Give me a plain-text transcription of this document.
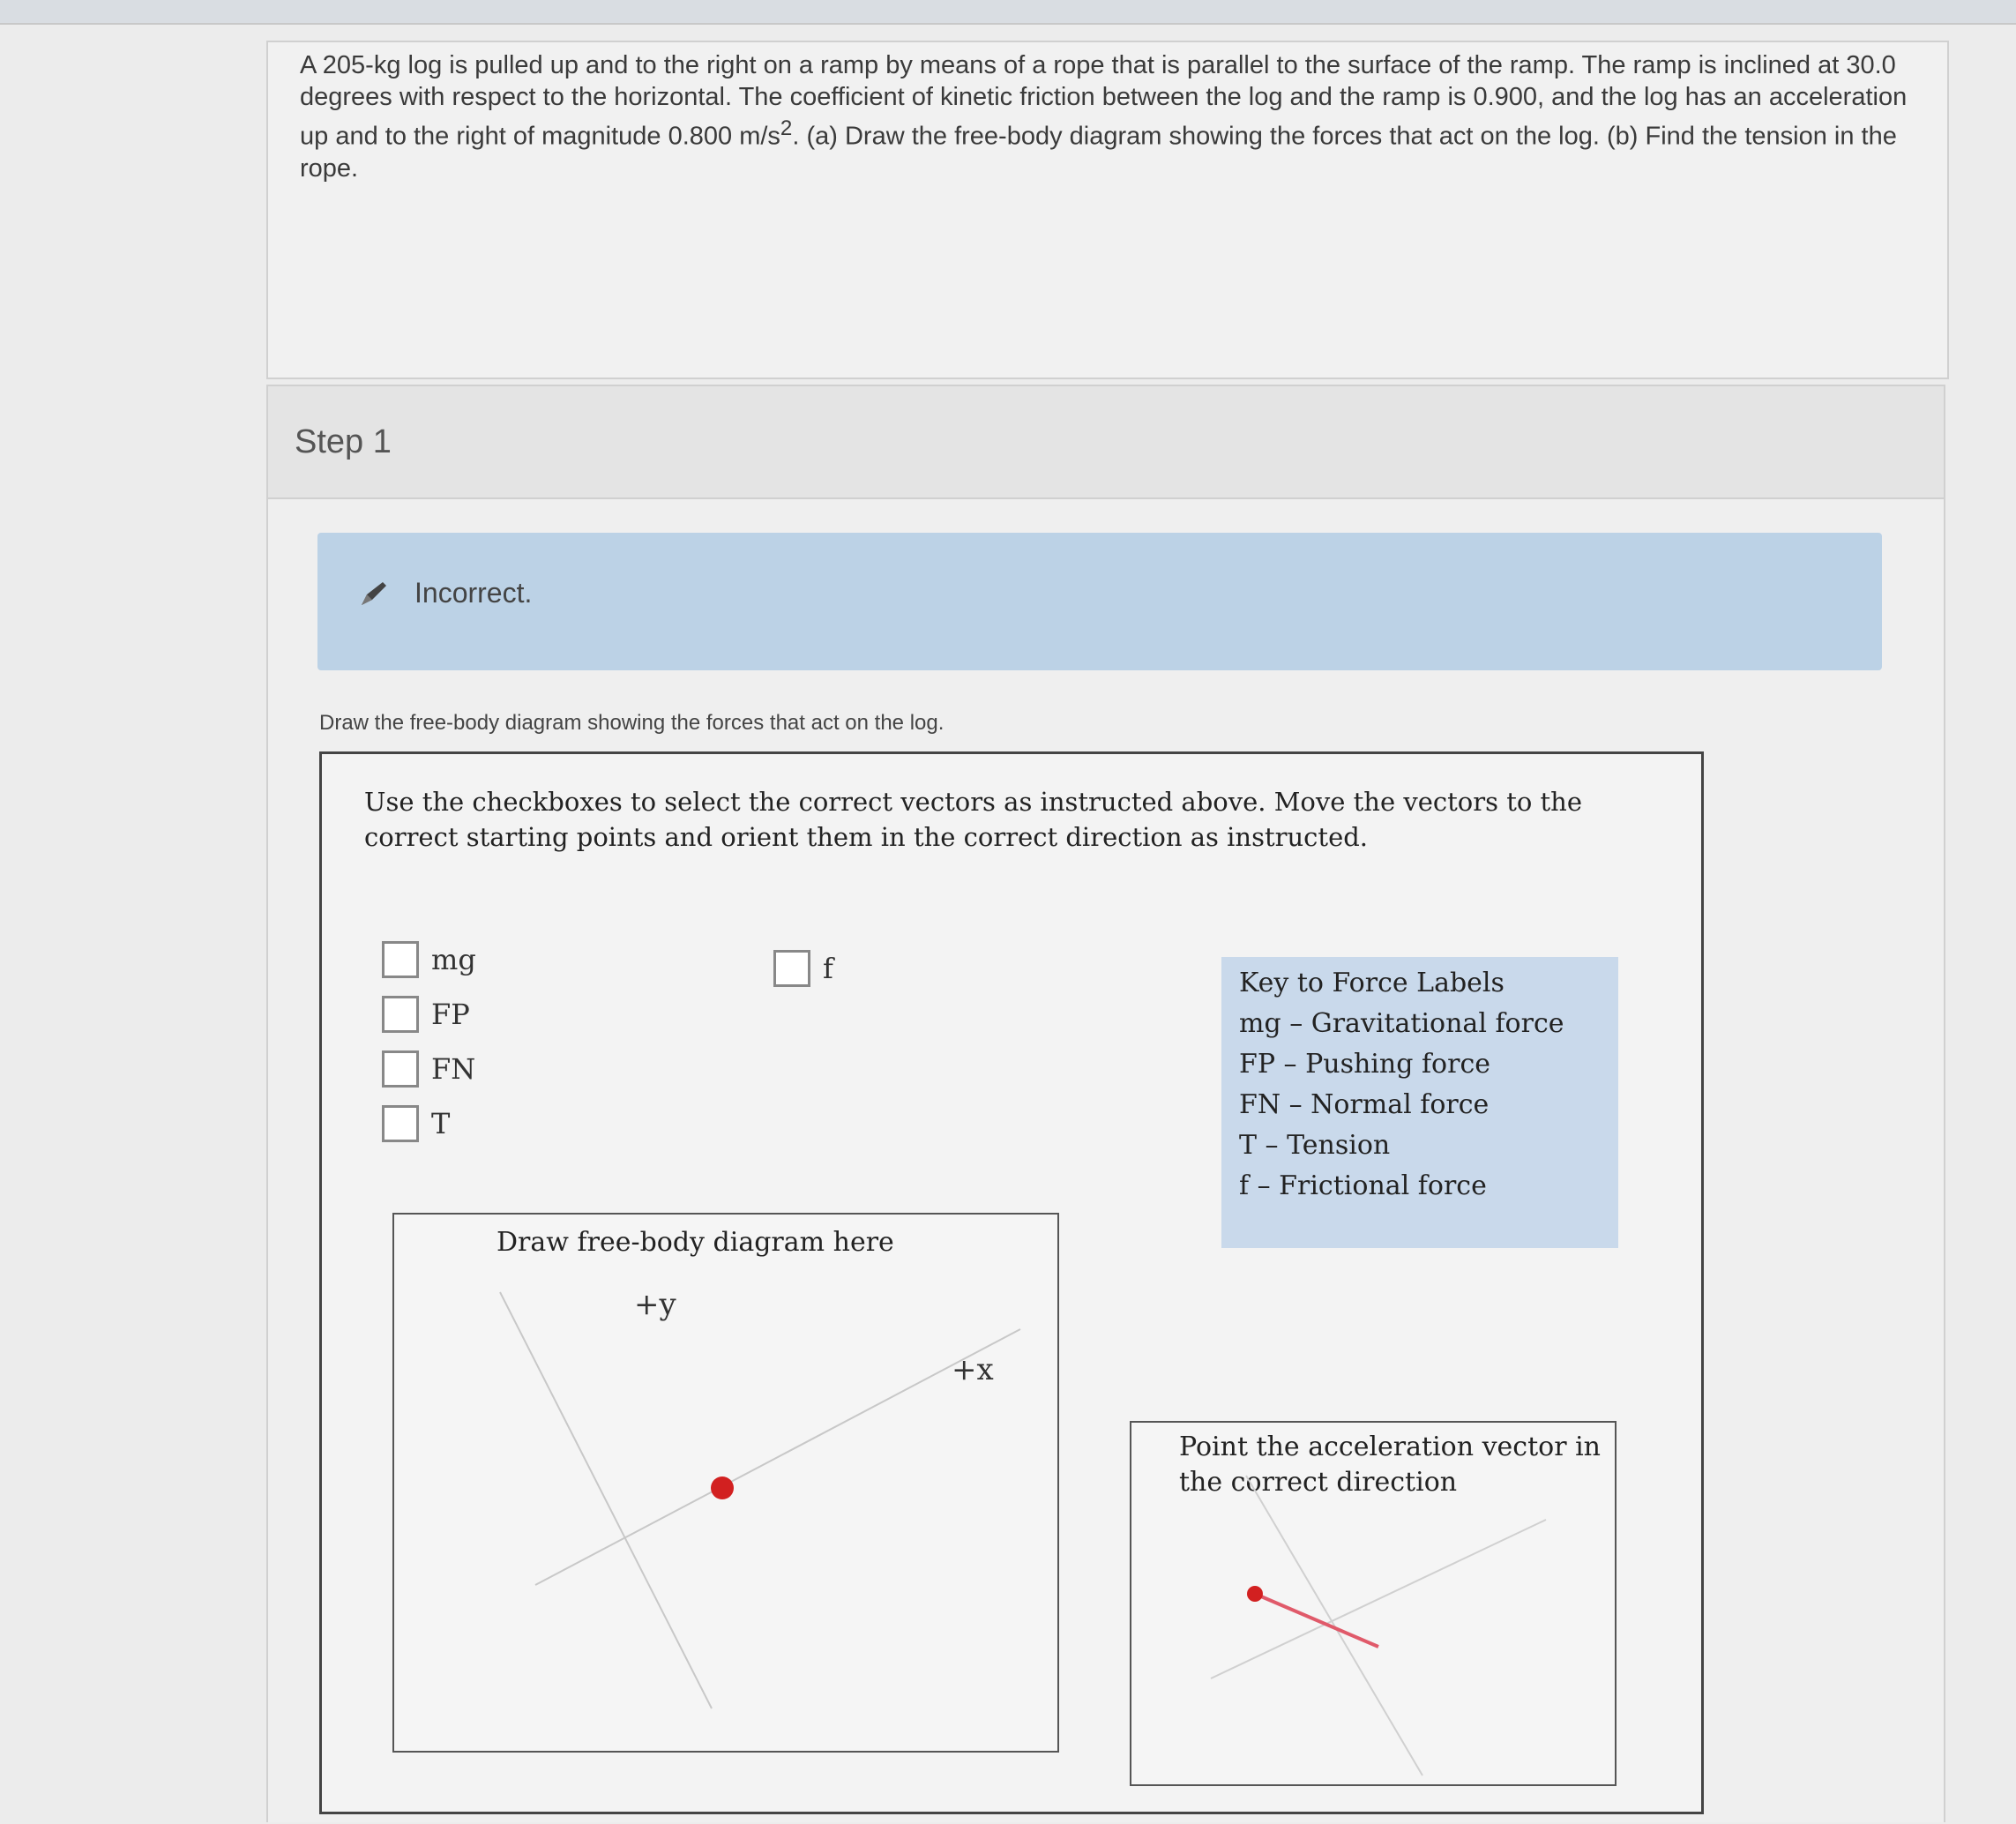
A 205-kg log is pulled up and to the right on a ramp by means of a rope that is parallel to the surface of the ramp. The ramp is inclined at 30.0 degrees with respect to the horizontal. The coefficient of kinetic friction between the log and the ramp is 0.900, and the log has an acceleration up and to the right of magnitude 0.800 $m/s^2$. (a) Draw the free-body diagram showing the forces that act on the log. (b) Find the tension in the rope.

Step 1
Incorrect.
Draw the free-body diagram showing the forces that act on the log.

Use the checkboxes to select the correct vectors as instructed above. Move the vectors to the correct starting points and orient them in the correct direction as instructed.

mg
FP
FN
T
f	Key to Force Labels

mg – Gravitational force

FP – Pushing force

FN – Normal force

T – Tension

f – Frictional force

Draw free-body diagram here
+y
+x

Point the acceleration vector in the correct direction
